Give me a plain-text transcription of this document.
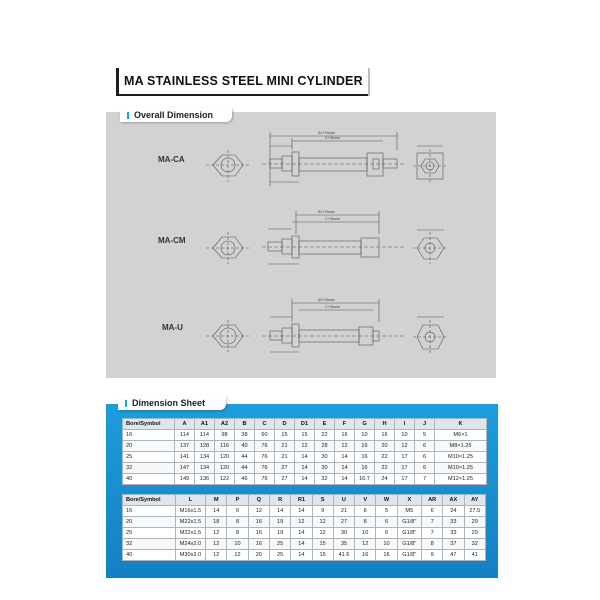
MA STAINLESS STEEL MINI CYLINDER
Overall Dimension
MA-CA
MA-CM
MA-U
A1+Stroke
C+Stroke
B1+Stroke
C+Stroke
A2+Stroke
C+Stroke
Dimension Sheet
Bore/Symbol	A	A1	A2	B	C	D	D1	E	F	G	H	I	J	K
16	114	114	98	38	60	15	15	22	16	10	16	10	5	M6×1
20	137	128	116	40	76	21	12	28	12	16	20	12	6	M8×1.25
25	141	134	120	44	76	21	14	30	14	16	22	17	6	M10×1.25
32	147	134	120	44	76	27	14	30	14	16	22	17	6	M10×1.25
40	149	136	122	46	76	27	14	32	14	16.7	24	17	7	M12×1.25
Bore/Symbol	L	M	P	Q	R	R1	S	U	V	W	X	AR	AX	AY
16	M16x1.5	14	6	12	14	14	9	21	6	5	M5	6	24	27.5
20	M22x1.5	18	8	16	19	12	12	27	8	6	G1/8"	7	33	29
25	M22x1.5	12	8	16	19	14	12	30	10	6	G1/8"	7	33	29
32	M24x2.0	12	10	16	25	14	15	35	12	10	G1/8"	8	37	32
40	M30x2.0	12	12	20	25	14	15	41.6	16	16	G1/8"	9	47	41
